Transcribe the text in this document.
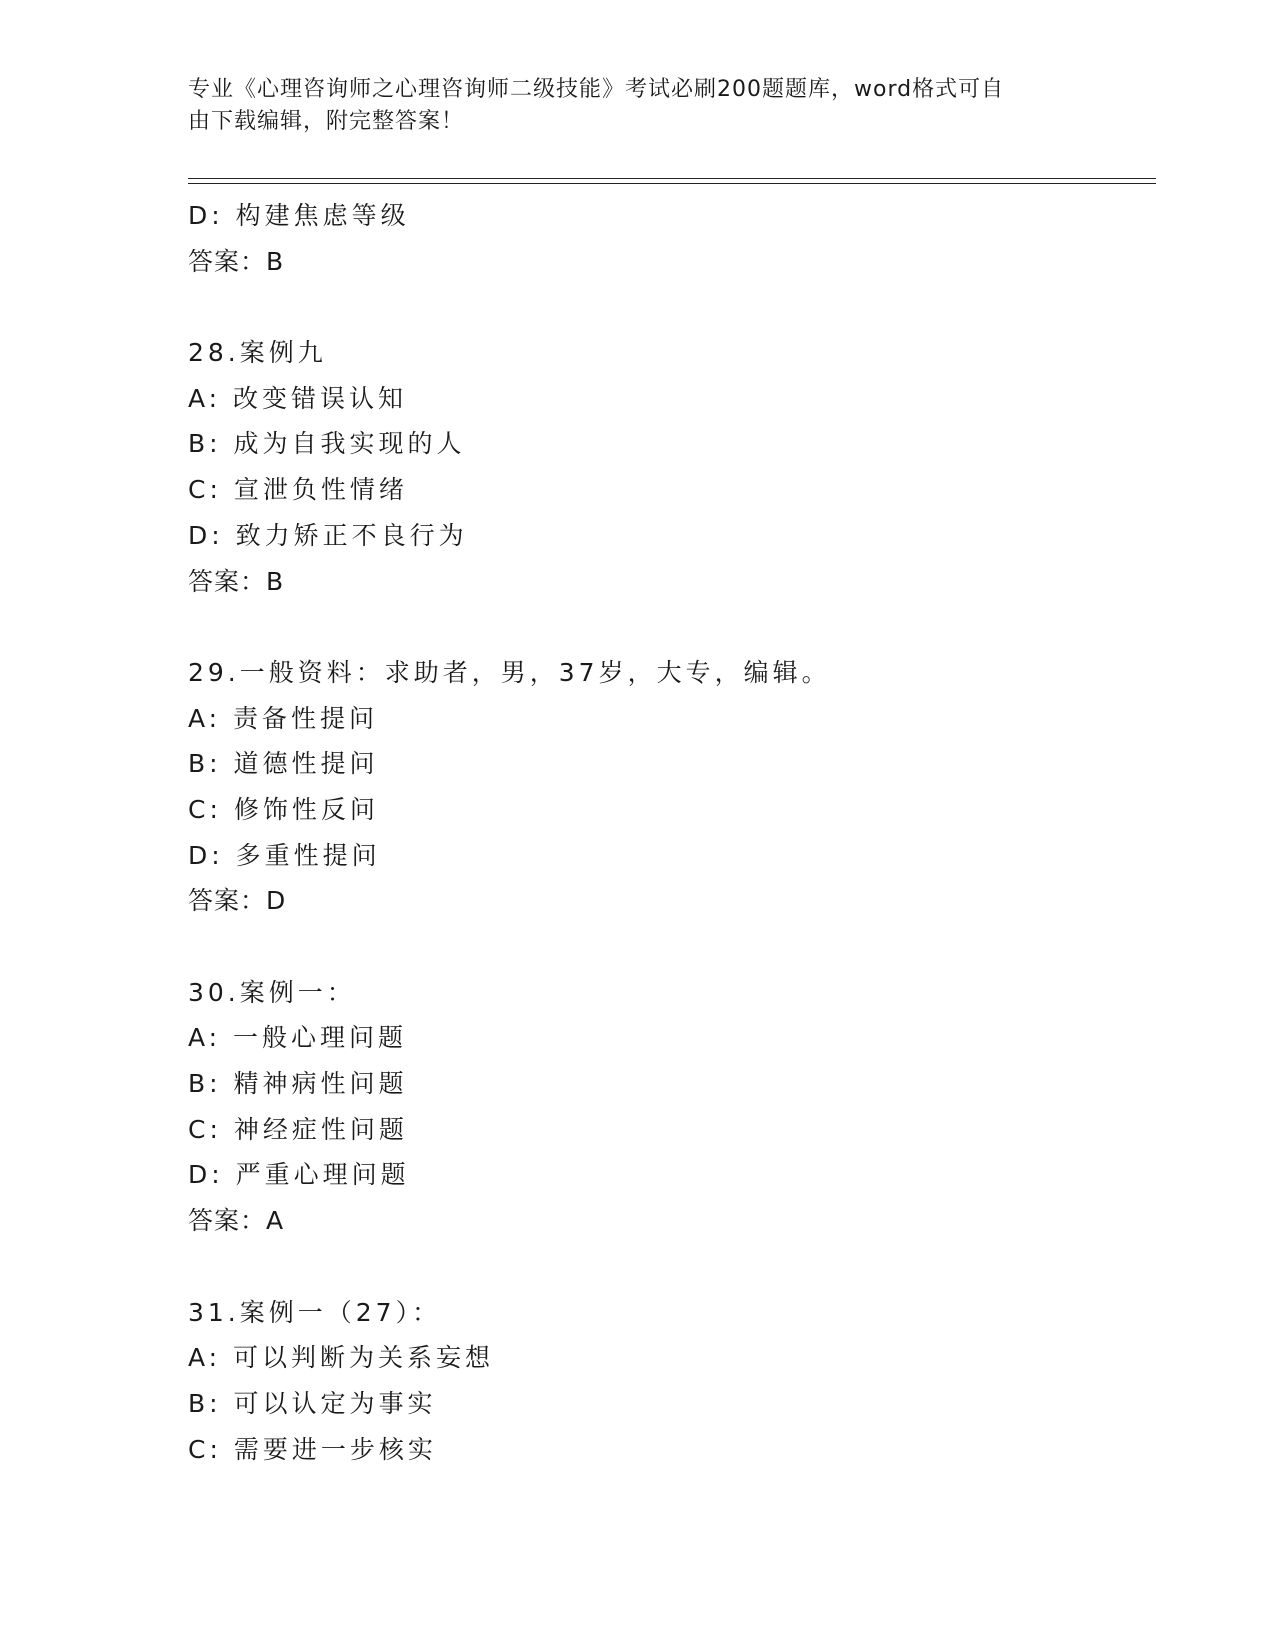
专业《心理咨询师之心理咨询师二级技能》考试必刷200题题库，word格式可自
由下载编辑，附完整答案！
D: 构建焦虑等级
答案：B
28.案例九
A: 改变错误认知
B: 成为自我实现的人
C: 宣泄负性情绪
D: 致力矫正不良行为
答案：B
29.一般资料：求助者，男，37岁，大专，编辑。
A: 责备性提问
B: 道德性提问
C: 修饰性反问
D: 多重性提问
答案：D
30.案例一：
A: 一般心理问题
B: 精神病性问题
C: 神经症性问题
D: 严重心理问题
答案：A
31.案例一（27）：
A: 可以判断为关系妄想
B: 可以认定为事实
C: 需要进一步核实
